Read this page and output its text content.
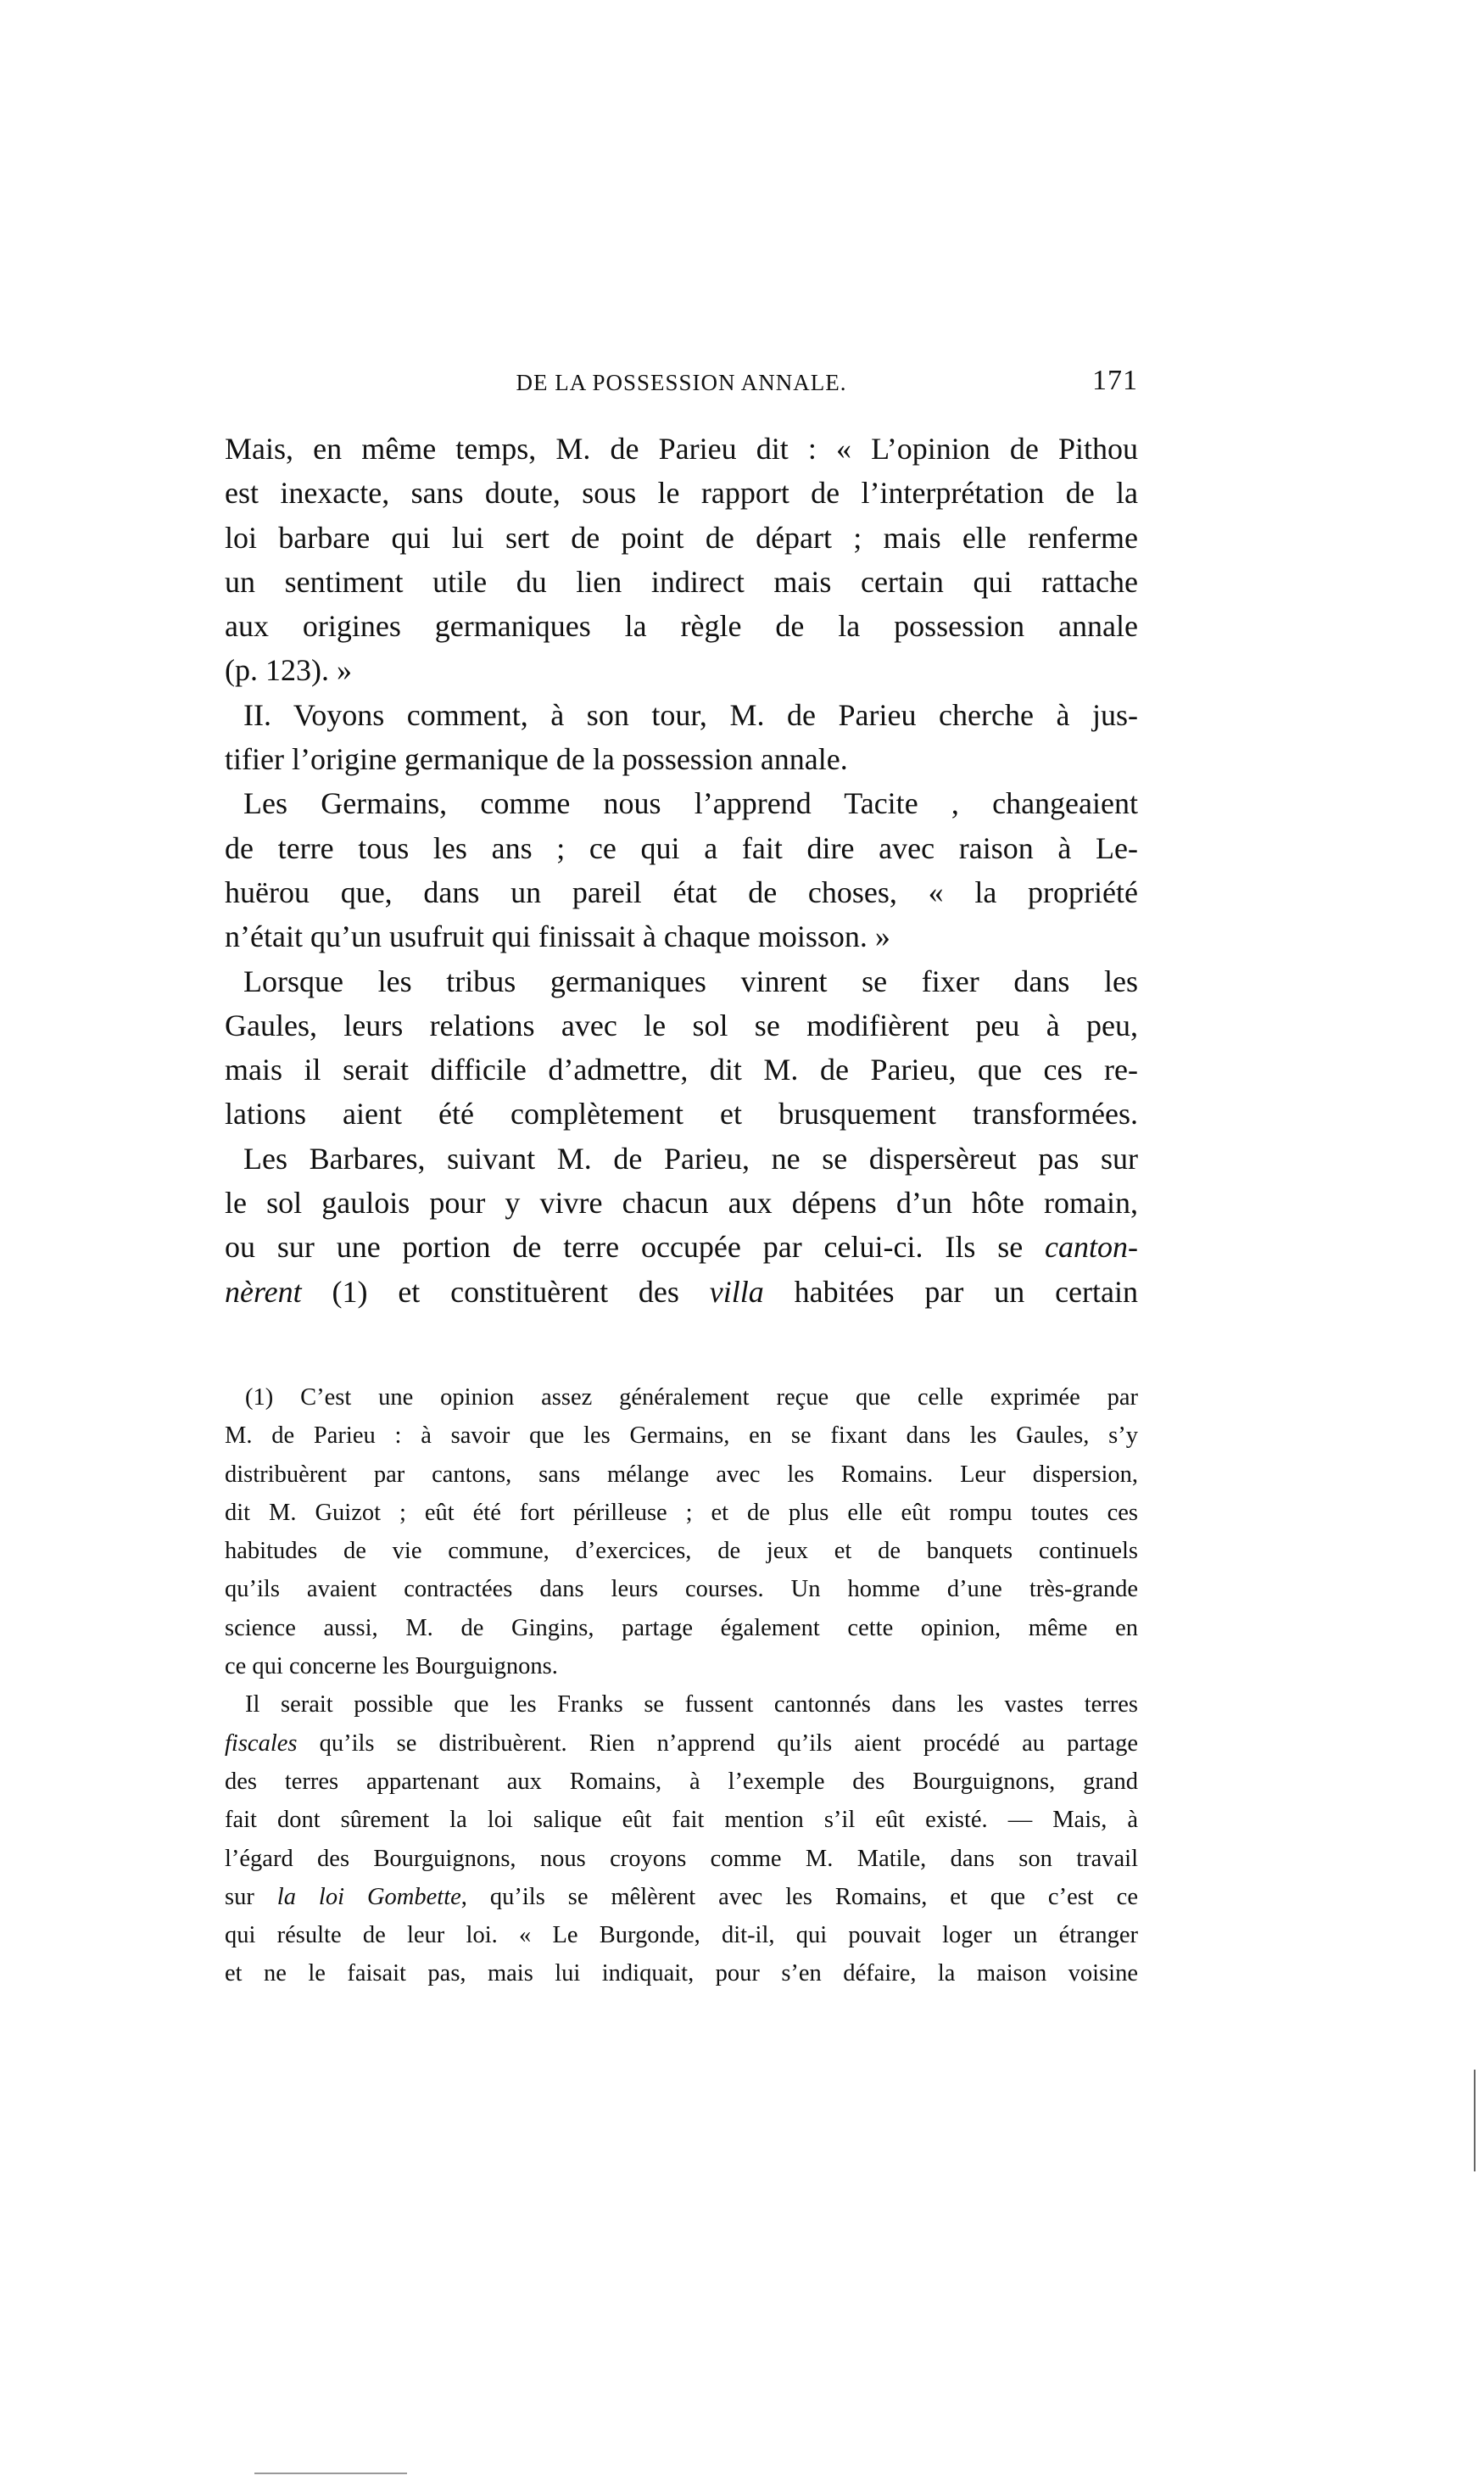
DE LA POSSESSION ANNALE.	171
Mais, en même temps, M. de Parieu dit : « L’opinion de Pithou
est inexacte, sans doute, sous le rapport de l’interprétation de la
loi barbare qui lui sert de point de départ ; mais elle renferme
un sentiment utile du lien indirect mais certain qui rattache
aux origines germaniques la règle de la possession annale
(p. 123). »
II. Voyons comment, à son tour, M. de Parieu cherche à jus-
tifier l’origine germanique de la possession annale.
Les Germains, comme nous l’apprend Tacite , changeaient
de terre tous les ans ; ce qui a fait dire avec raison à Le-
huërou que, dans un pareil état de choses, « la propriété
n’était qu’un usufruit qui finissait à chaque moisson. »
Lorsque les tribus germaniques vinrent se fixer dans les
Gaules, leurs relations avec le sol se modifièrent peu à peu,
mais il serait difficile d’admettre, dit M. de Parieu, que ces re-
lations aient été complètement et brusquement transformées.
Les Barbares, suivant M. de Parieu, ne se dispersèreut pas sur
le sol gaulois pour y vivre chacun aux dépens d’un hôte romain,
ou sur une portion de terre occupée par celui-ci. Ils se canton-
nèrent (1) et constituèrent des villa habitées par un certain
(1) C’est une opinion assez généralement reçue que celle exprimée par
M. de Parieu : à savoir que les Germains, en se fixant dans les Gaules, s’y
distribuèrent par cantons, sans mélange avec les Romains. Leur dispersion,
dit M. Guizot ; eût été fort périlleuse ; et de plus elle eût rompu toutes ces
habitudes de vie commune, d’exercices, de jeux et de banquets continuels
qu’ils avaient contractées dans leurs courses. Un homme d’une très-grande
science aussi, M. de Gingins, partage également cette opinion, même en
ce qui concerne les Bourguignons.
Il serait possible que les Franks se fussent cantonnés dans les vastes terres
fiscales qu’ils se distribuèrent. Rien n’apprend qu’ils aient procédé au partage
des terres appartenant aux Romains, à l’exemple des Bourguignons, grand
fait dont sûrement la loi salique eût fait mention s’il eût existé. — Mais, à
l’égard des Bourguignons, nous croyons comme M. Matile, dans son travail
sur la loi Gombette, qu’ils se mêlèrent avec les Romains, et que c’est ce
qui résulte de leur loi. « Le Burgonde, dit-il, qui pouvait loger un étranger
et ne le faisait pas, mais lui indiquait, pour s’en défaire, la maison voisine
